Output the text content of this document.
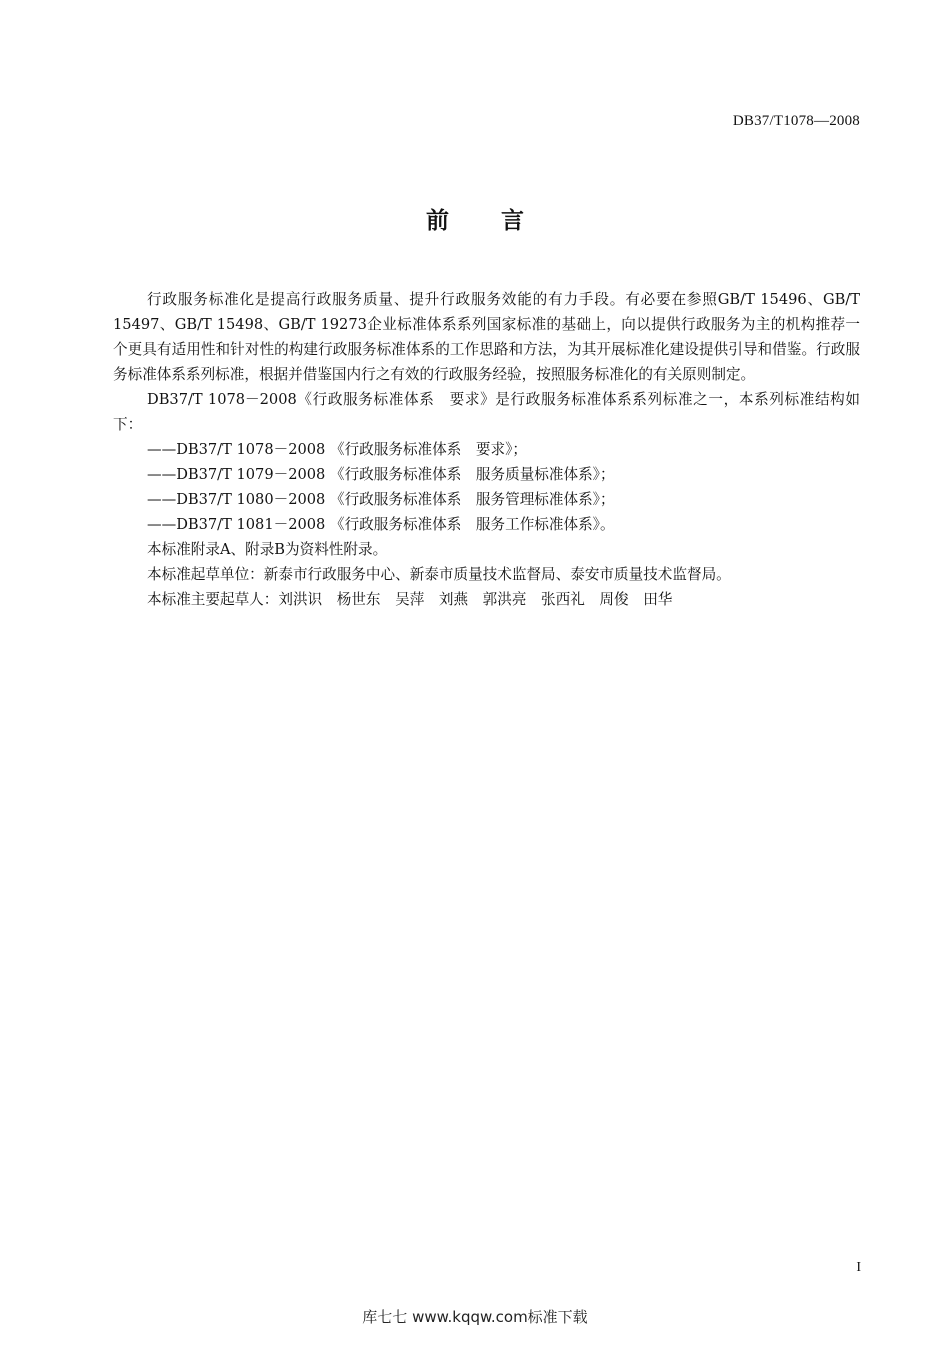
DB37/T1078—2008
前 言

行政服务标准化是提高行政服务质量、提升行政服务效能的有力手段。有必要在参照GB/T 15496、GB/T 15497、GB/T 15498、GB/T 19273企业标准体系系列国家标准的基础上，向以提供行政服务为主的机构推荐一个更具有适用性和针对性的构建行政服务标准体系的工作思路和方法，为其开展标准化建设提供引导和借鉴。行政服务标准体系系列标准，根据并借鉴国内行之有效的行政服务经验，按照服务标准化的有关原则制定。

DB37/T 1078－2008《行政服务标准体系　要求》是行政服务标准体系系列标准之一，本系列标准结构如下：

——DB37/T 1078－2008 《行政服务标准体系　要求》；

——DB37/T 1079－2008 《行政服务标准体系　服务质量标准体系》；

——DB37/T 1080－2008 《行政服务标准体系　服务管理标准体系》；

——DB37/T 1081－2008 《行政服务标准体系　服务工作标准体系》。

本标准附录A、附录B为资料性附录。

本标准起草单位：新泰市行政服务中心、新泰市质量技术监督局、泰安市质量技术监督局。

本标准主要起草人：刘洪识　杨世东　吴萍　刘燕　郭洪亮　张西礼　周俊　田华

I
库七七 www.kqqw.com标准下载
